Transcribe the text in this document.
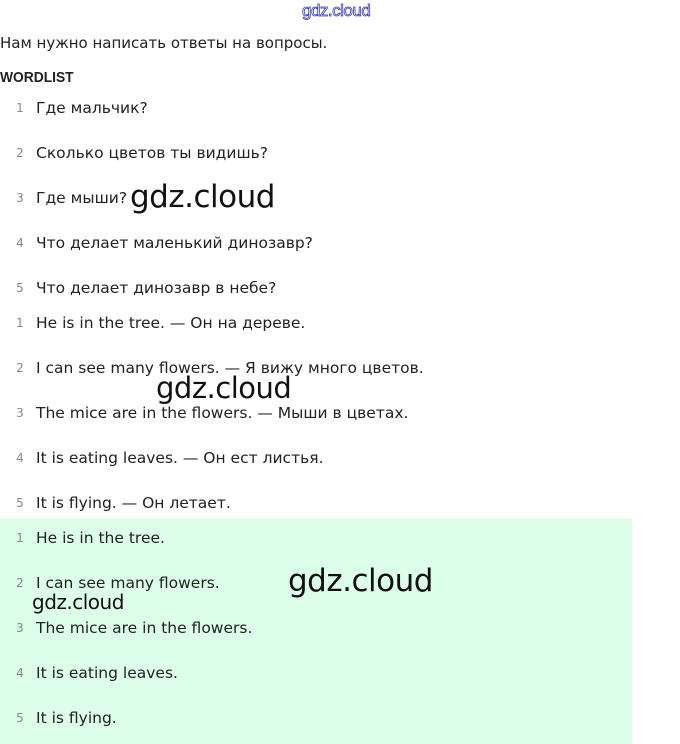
gdz.cloud
Нам нужно написать ответы на вопросы.
WORDLIST
1 Где мальчик?
2 Сколько цветов ты видишь?
3 Где мыши?
4 Что делает маленький динозавр?
5 Что делает динозавр в небе?
1 He is in the tree. — Он на дереве.
2 I can see many flowers. — Я вижу много цветов.
3 The mice are in the flowers. — Мыши в цветах.
4 It is eating leaves. — Он ест листья.
5 It is flying. — Он летает.
1 He is in the tree.
2 I can see many flowers.
3 The mice are in the flowers.
4 It is eating leaves.
5 It is flying.
gdz.cloud
gdz.cloud
gdz.cloud
gdz.cloud
